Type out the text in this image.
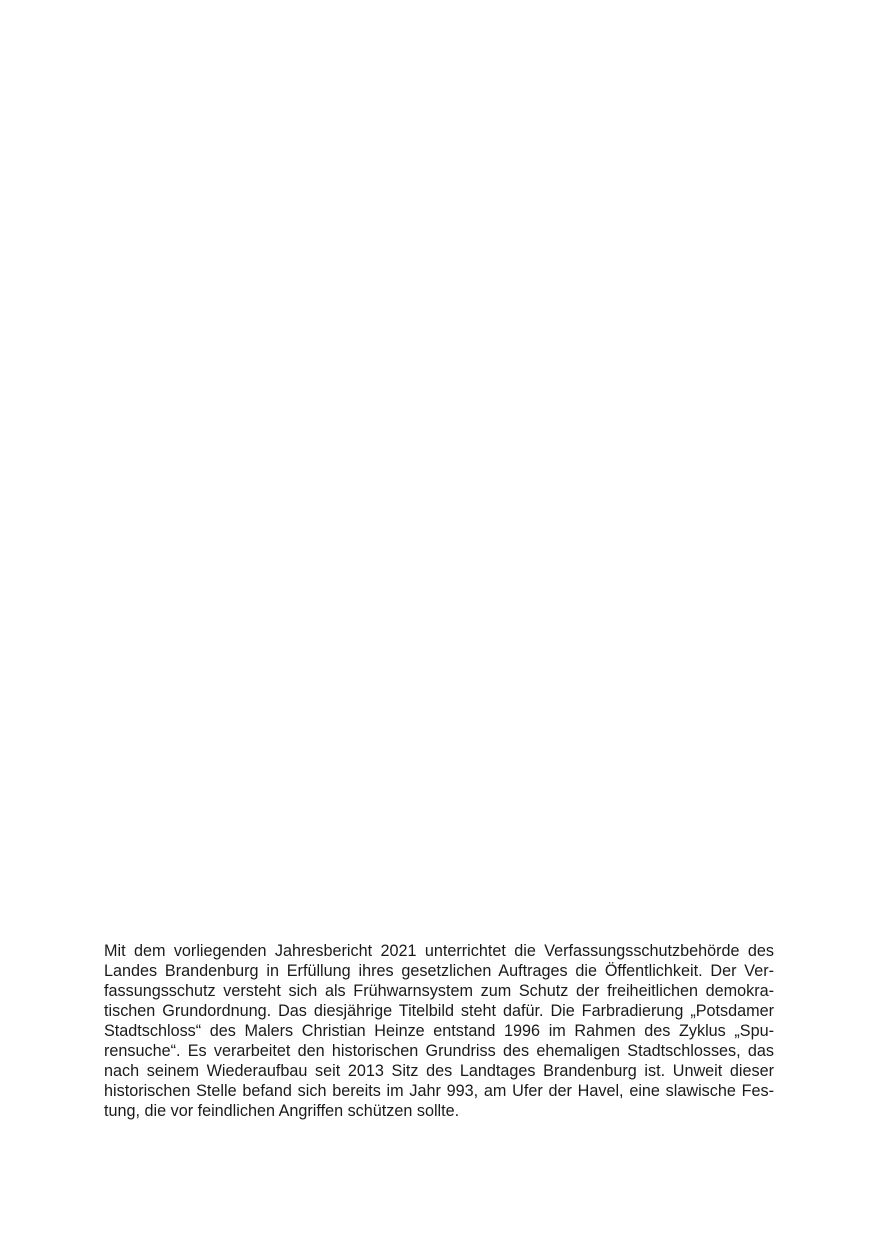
Mit dem vorliegenden Jahresbericht 2021 unterrichtet die Verfassungsschutzbehörde des
Landes Brandenburg in Erfüllung ihres gesetzlichen Auftrages die Öffentlichkeit. Der Ver-
fassungsschutz versteht sich als Frühwarnsystem zum Schutz der freiheitlichen demokra-
tischen Grundordnung. Das diesjährige Titelbild steht dafür. Die Farbradierung „Potsdamer
Stadtschloss“ des Malers Christian Heinze entstand 1996 im Rahmen des Zyklus „Spu-
rensuche“. Es verarbeitet den historischen Grundriss des ehemaligen Stadtschlosses, das
nach seinem Wiederaufbau seit 2013 Sitz des Landtages Brandenburg ist. Unweit dieser
historischen Stelle befand sich bereits im Jahr 993, am Ufer der Havel, eine slawische Fes-
tung, die vor feindlichen Angriffen schützen sollte.
